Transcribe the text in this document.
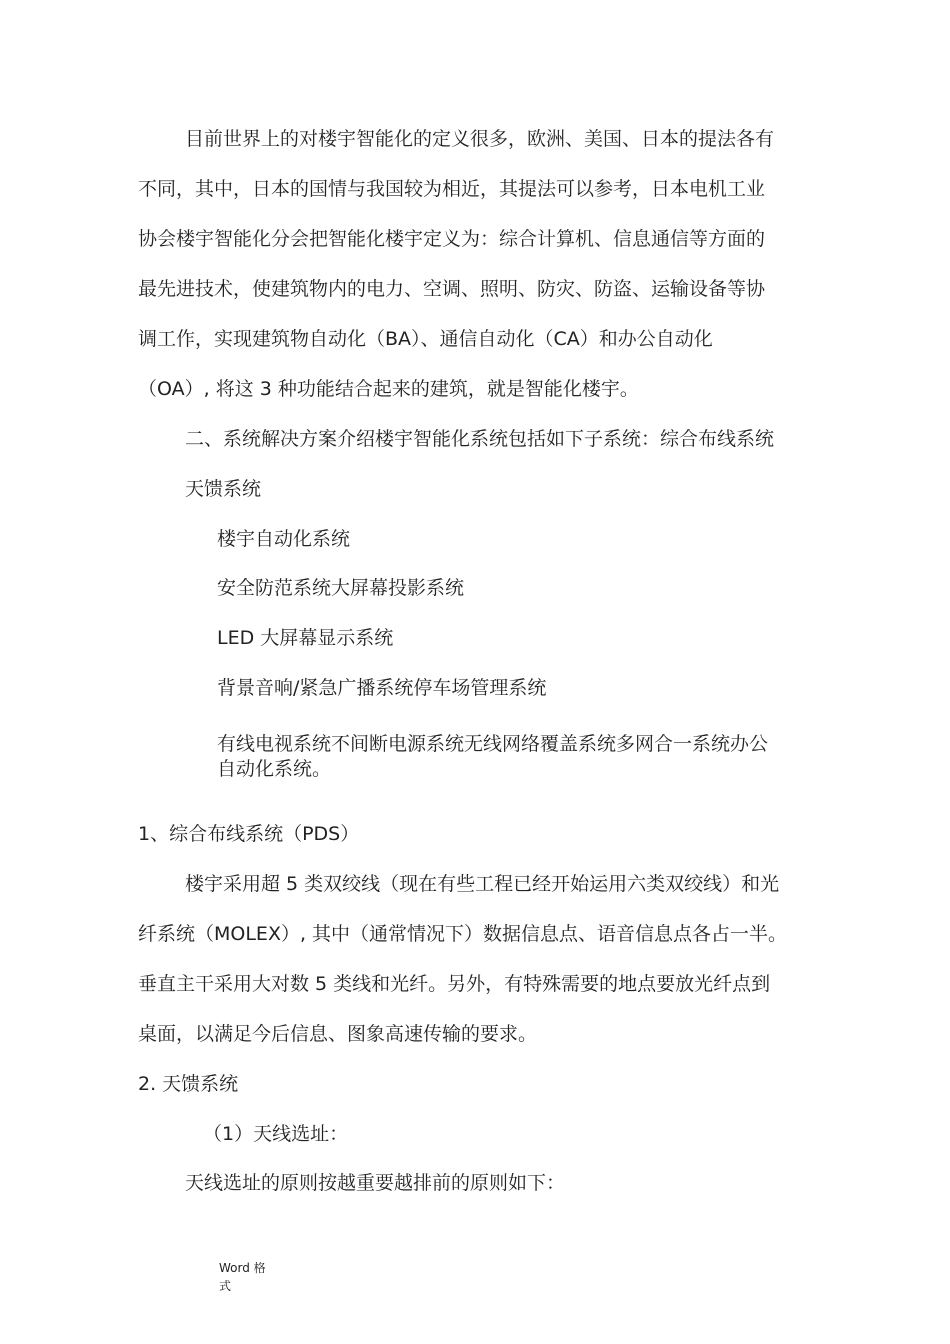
目前世界上的对楼宇智能化的定义很多，欧洲、美国、日本的提法各有
不同，其中，日本的国情与我国较为相近，其提法可以参考，日本电机工业
协会楼宇智能化分会把智能化楼宇定义为：综合计算机、信息通信等方面的
最先进技术，使建筑物内的电力、空调、照明、防灾、防盗、运输设备等协
调工作，实现建筑物自动化（BA）、通信自动化（CA）和办公自动化
（OA）, 将这 3 种功能结合起来的建筑，就是智能化楼宇。
二、系统解决方案介绍楼宇智能化系统包括如下子系统：综合布线系统
天馈系统
楼宇自动化系统
安全防范系统大屏幕投影系统
LED 大屏幕显示系统
背景音响/紧急广播系统停车场管理系统
有线电视系统不间断电源系统无线网络覆盖系统多网合一系统办公
自动化系统。
1、综合布线系统（PDS）
楼宇采用超 5 类双绞线（现在有些工程已经开始运用六类双绞线）和光
纤系统（MOLEX）, 其中（通常情况下）数据信息点、语音信息点各占一半。
垂直主干采用大对数 5 类线和光纤。另外，有特殊需要的地点要放光纤点到
桌面，以满足今后信息、图象高速传输的要求。
2. 天馈系统
（1）天线选址：
天线选址的原则按越重要越排前的原则如下：
Word 格
式
